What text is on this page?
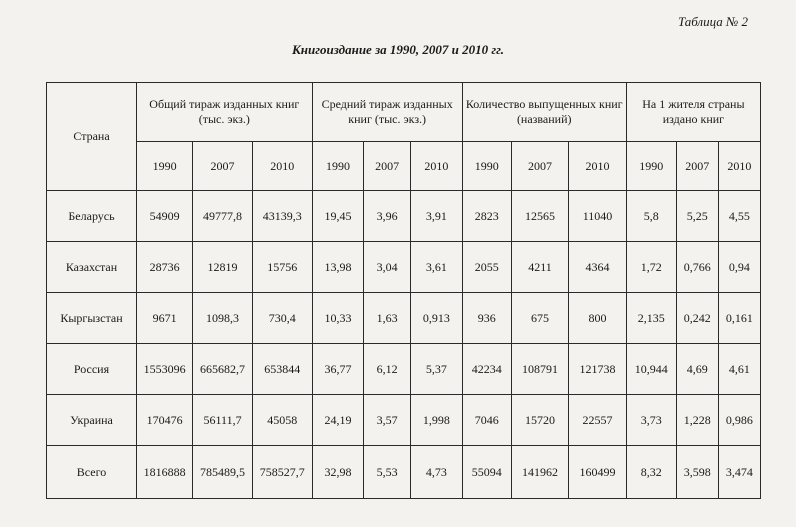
Таблица № 2
Книгоиздание за 1990, 2007 и 2010 гг.
Страна	Общий тираж изданных книг (тыс. экз.)			Средний тираж изданных книг (тыс. экз.)			Количество выпущенных книг (названий)			На 1 жителя страны издано книг		
	1990	2007	2010	1990	2007	2010	1990	2007	2010	1990	2007	2010
Беларусь	54909	49777,8	43139,3	19,45	3,96	3,91	2823	12565	11040	5,8	5,25	4,55
Казахстан	28736	12819	15756	13,98	3,04	3,61	2055	4211	4364	1,72	0,766	0,94
Кыргызстан	9671	1098,3	730,4	10,33	1,63	0,913	936	675	800	2,135	0,242	0,161
Россия	1553096	665682,7	653844	36,77	6,12	5,37	42234	108791	121738	10,944	4,69	4,61
Украина	170476	56111,7	45058	24,19	3,57	1,998	7046	15720	22557	3,73	1,228	0,986
Всего	1816888	785489,5	758527,7	32,98	5,53	4,73	55094	141962	160499	8,32	3,598	3,474
